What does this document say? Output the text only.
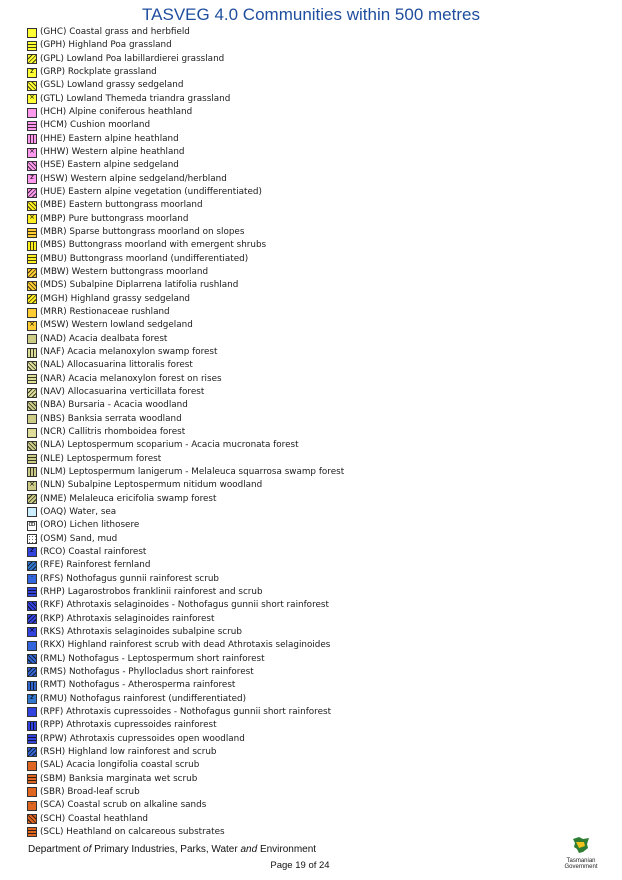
TASVEG 4.0 Communities within 500 metres
(GHC) Coastal grass and herbfield
(GPH) Highland Poa grassland
(GPL) Lowland Poa labillardierei grassland
z (GRP) Rockplate grassland
(GSL) Lowland grassy sedgeland
× (GTL) Lowland Themeda triandra grassland
(HCH) Alpine coniferous heathland
(HCM) Cushion moorland
(HHE) Eastern alpine heathland
× (HHW) Western alpine heathland
(HSE) Eastern alpine sedgeland
z (HSW) Western alpine sedgeland/herbland
(HUE) Eastern alpine vegetation (undifferentiated)
(MBE) Eastern buttongrass moorland
× (MBP) Pure buttongrass moorland
(MBR) Sparse buttongrass moorland on slopes
(MBS) Buttongrass moorland with emergent shrubs
(MBU) Buttongrass moorland (undifferentiated)
(MBW) Western buttongrass moorland
(MDS) Subalpine Diplarrena latifolia rushland
(MGH) Highland grassy sedgeland
(MRR) Restionaceae rushland
× (MSW) Western lowland sedgeland
(NAD) Acacia dealbata forest
(NAF) Acacia melanoxylon swamp forest
(NAL) Allocasuarina littoralis forest
(NAR) Acacia melanoxylon forest on rises
(NAV) Allocasuarina verticillata forest
(NBA) Bursaria - Acacia woodland
(NBS) Banksia serrata woodland
(NCR) Callitris rhomboidea forest
(NLA) Leptospermum scoparium - Acacia mucronata forest
(NLE) Leptospermum forest
(NLM) Leptospermum lanigerum - Melaleuca squarrosa swamp forest
× (NLN) Subalpine Leptospermum nitidum woodland
(NME) Melaleuca ericifolia swamp forest
(OAQ) Water, sea
ꝏ (ORO) Lichen lithosere
(OSM) Sand, mud
z (RCO) Coastal rainforest
(RFE) Rainforest fernland
· (RFS) Nothofagus gunnii rainforest scrub
(RHP) Lagarostrobos franklinii rainforest and scrub
(RKF) Athrotaxis selaginoides - Nothofagus gunnii short rainforest
(RKP) Athrotaxis selaginoides rainforest
× (RKS) Athrotaxis selaginoides subalpine scrub
(RKX) Highland rainforest scrub with dead Athrotaxis selaginoides
(RML) Nothofagus - Leptospermum short rainforest
(RMS) Nothofagus - Phyllocladus short rainforest
(RMT) Nothofagus - Atherosperma rainforest
z (RMU) Nothofagus rainforest (undifferentiated)
(RPF) Athrotaxis cupressoides - Nothofagus gunnii short rainforest
(RPP) Athrotaxis cupressoides rainforest
(RPW) Athrotaxis cupressoides open woodland
(RSH) Highland low rainforest and scrub
(SAL) Acacia longifolia coastal scrub
(SBM) Banksia marginata wet scrub
(SBR) Broad-leaf scrub
· (SCA) Coastal scrub on alkaline sands
(SCH) Coastal heathland
(SCL) Heathland on calcareous substrates
Department of Primary Industries, Parks, Water and Environment
Page 19 of 24	Tasmanian
Government
